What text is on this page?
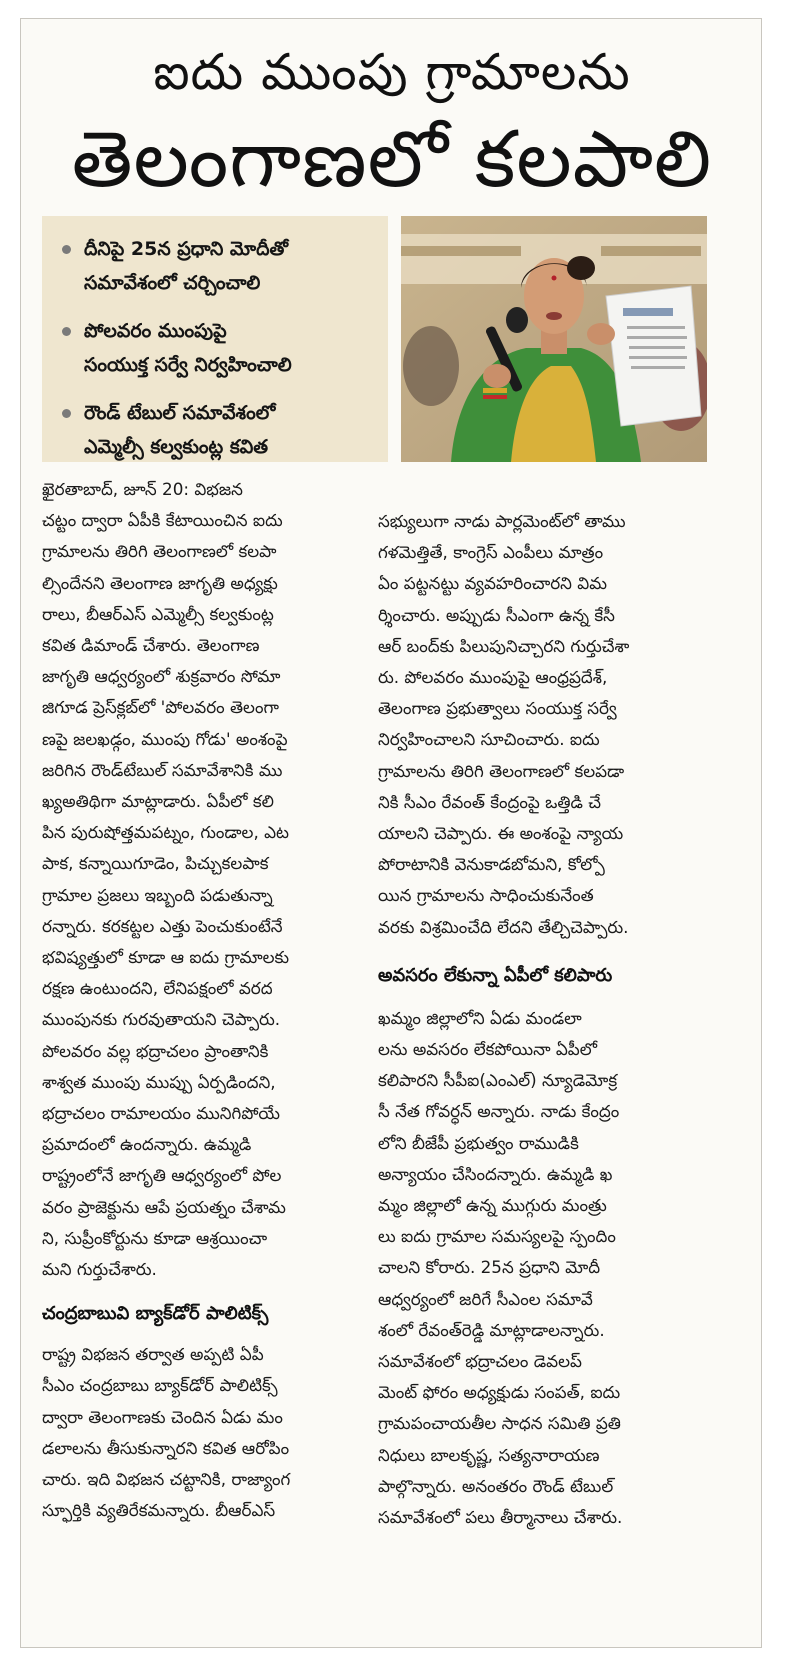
ఐదు ముంపు గ్రామాలను
తెలంగాణలో కలపాలి
దీనిపై 25న ప్రధాని మోదీతో
సమావేశంలో చర్చించాలి
పోలవరం ముంపుపై
సంయుక్త సర్వే నిర్వహించాలి
రౌండ్ టేబుల్ సమావేశంలో
ఎమ్మెల్సీ కల్వకుంట్ల కవిత

ఖైరతాబాద్, జూన్ 20: విభజన
చట్టం ద్వారా ఏపీకి కేటాయించిన ఐదు
గ్రామాలను తిరిగి తెలంగాణలో కలపా
ల్సిందేనని తెలంగాణ జాగృతి అధ్యక్షు
రాలు, బీఆర్ఎస్ ఎమ్మెల్సీ కల్వకుంట్ల
కవిత డిమాండ్ చేశారు. తెలంగాణ
జాగృతి ఆధ్వర్యంలో శుక్రవారం సోమా
జిగూడ ప్రెస్‌క్లబ్‌లో 'పోలవరం తెలంగా
ణపై జలఖడ్గం, ముంపు గోడు' అంశంపై
జరిగిన రౌండ్‌టేబుల్ సమావేశానికి ము
ఖ్యఅతిథిగా మాట్లాడారు. ఏపీలో కలి
పిన పురుషోత్తమపట్నం, గుండాల, ఎట
పాక, కన్నాయిగూడెం, పిచ్చుకలపాక
గ్రామాల ప్రజలు ఇబ్బంది పడుతున్నా
రన్నారు. కరకట్టల ఎత్తు పెంచుకుంటేనే
భవిష్యత్తులో కూడా ఆ ఐదు గ్రామాలకు
రక్షణ ఉంటుందని, లేనిపక్షంలో వరద
ముంపునకు గురవుతాయని చెప్పారు.
పోలవరం వల్ల భద్రాచలం ప్రాంతానికి
శాశ్వత ముంపు ముప్పు ఏర్పడిందని,
భద్రాచలం రామాలయం మునిగిపోయే
ప్రమాదంలో ఉందన్నారు. ఉమ్మడి
రాష్ట్రంలోనే జాగృతి ఆధ్వర్యంలో పోల
వరం ప్రాజెక్టును ఆపే ప్రయత్నం చేశామ
ని, సుప్రీంకోర్టును కూడా ఆశ్రయించా
మని గుర్తుచేశారు.

చంద్రబాబువి బ్యాక్‌డోర్ పాలిటిక్స్

రాష్ట్ర విభజన తర్వాత అప్పటి ఏపీ
సీఎం చంద్రబాబు బ్యాక్‌డోర్ పాలిటిక్స్
ద్వారా తెలంగాణకు చెందిన ఏడు మం
డలాలను తీసుకున్నారని కవిత ఆరోపిం
చారు. ఇది విభజన చట్టానికి, రాజ్యాంగ
స్ఫూర్తికి వ్యతిరేకమన్నారు. బీఆర్ఎస్

సభ్యులుగా నాడు పార్లమెంట్‌లో తాము
గళమెత్తితే, కాంగ్రెస్ ఎంపీలు మాత్రం
ఏం పట్టనట్టు వ్యవహరించారని విమ
ర్శించారు. అప్పుడు సీఎంగా ఉన్న కేసీ
ఆర్ బంద్‌కు పిలుపునిచ్చారని గుర్తుచేశా
రు. పోలవరం ముంపుపై ఆంధ్రప్రదేశ్,
తెలంగాణ ప్రభుత్వాలు సంయుక్త సర్వే
నిర్వహించాలని సూచించారు. ఐదు
గ్రామాలను తిరిగి తెలంగాణలో కలపడా
నికి సీఎం రేవంత్ కేంద్రంపై ఒత్తిడి చే
యాలని చెప్పారు. ఈ అంశంపై న్యాయ
పోరాటానికి వెనుకాడబోమని, కోల్పో
యిన గ్రామాలను సాధించుకునేంత
వరకు విశ్రమించేది లేదని తేల్చిచెప్పారు.

అవసరం లేకున్నా ఏపీలో కలిపారు

ఖమ్మం జిల్లాలోని ఏడు మండలా
లను అవసరం లేకపోయినా ఏపీలో
కలిపారని సీపీఐ(ఎంఎల్) న్యూడెమోక్ర
సీ నేత గోవర్ధన్ అన్నారు. నాడు కేంద్రం
లోని బీజేపీ ప్రభుత్వం రాముడికి
అన్యాయం చేసిందన్నారు. ఉమ్మడి ఖ
మ్మం జిల్లాలో ఉన్న ముగ్గురు మంత్రు
లు ఐదు గ్రామాల సమస్యలపై స్పందిం
చాలని కోరారు. 25న ప్రధాని మోదీ
ఆధ్వర్యంలో జరిగే సీఎంల సమావే
శంలో రేవంత్‌రెడ్డి మాట్లాడాలన్నారు.
సమావేశంలో భద్రాచలం డెవలప్
మెంట్ ఫోరం అధ్యక్షుడు సంపత్, ఐదు
గ్రామపంచాయతీల సాధన సమితి ప్రతి
నిధులు బాలకృష్ణ, సత్యనారాయణ
పాల్గొన్నారు. అనంతరం రౌండ్ టేబుల్
సమావేశంలో పలు తీర్మానాలు చేశారు.
